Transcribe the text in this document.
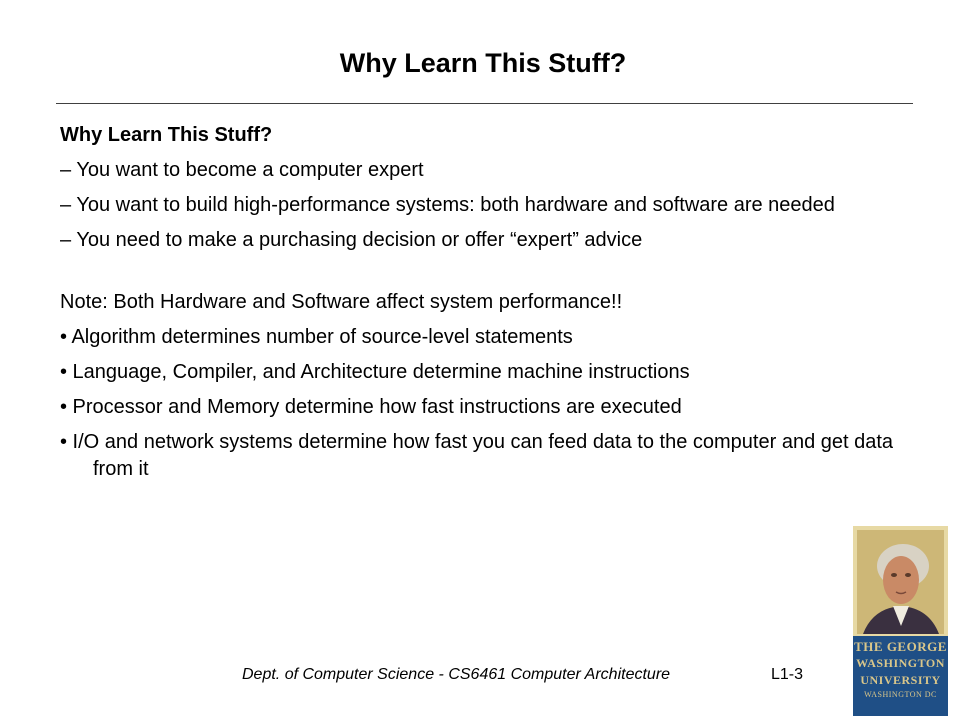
Why Learn This Stuff?

Why Learn This Stuff?

– You want to become a computer expert

– You want to build high-performance systems: both hardware and software are needed

– You need to make a purchasing decision or offer “expert” advice

Note: Both Hardware and Software affect system performance!!

• Algorithm determines number of source-level statements

• Language, Compiler, and Architecture determine machine instructions

• Processor and Memory determine how fast instructions are executed

• I/O and network systems determine how fast you can feed data to the computer and get data from it

Dept. of Computer Science - CS6461 Computer Architecture	L1-3
THE GEORGE
WASHINGTON
UNIVERSITY
WASHINGTON DC
